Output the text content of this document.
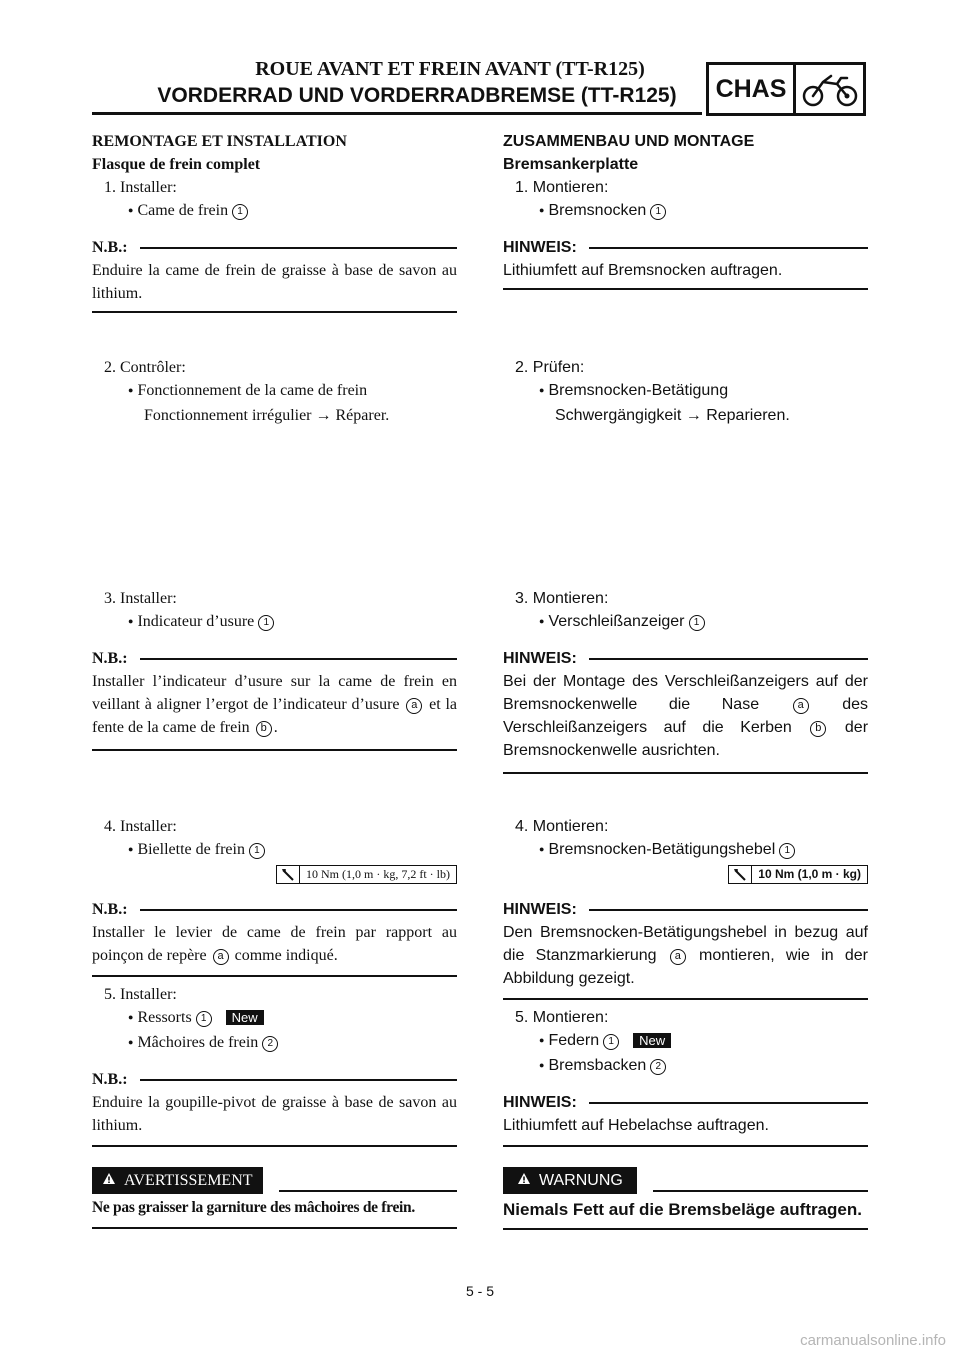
ROUE AVANT ET FREIN AVANT (TT-R125)
VORDERRAD UND VORDERRADBREMSE (TT-R125)	CHAS
REMONTAGE ET INSTALLATION
Flasque de frein complet
1. Installer:
● Came de frein 1
N.B.:
Enduire la came de frein de graisse à base de savon au lithium.
2. Contrôler:
● Fonctionnement de la came de frein
Fonctionnement irrégulier → Réparer.
3. Installer:
● Indicateur d’usure 1
N.B.:
Installer l’indicateur d’usure sur la came de frein en veillant à aligner l’ergot de l’indicateur d’usure a et la fente de la came de frein b .
4. Installer:
● Biellette de frein 1
10 Nm (1,0 m · kg, 7,2 ft · lb)
N.B.:
Installer le levier de came de frein par rapport au poinçon de repère a comme indiqué.
5. Installer:
● Ressorts 1 New
● Mâchoires de frein 2
N.B.:
Enduire la goupille-pivot de graisse à base de savon au lithium.
AVERTISSEMENT
Ne pas graisser la garniture des mâchoires de frein.
ZUSAMMENBAU UND MONTAGE
Bremsankerplatte
1. Montieren:
● Bremsnocken 1
HINWEIS:
Lithiumfett auf Bremsnocken auftragen.
2. Prüfen:
● Bremsnocken-Betätigung
Schwergängigkeit → Reparieren.
3. Montieren:
● Verschleißanzeiger 1
HINWEIS:
Bei der Montage des Verschleißanzeigers auf der Bremsnockenwelle die Nase	a des Verschleißanzeigers auf die Kerben b der Bremsnockenwelle ausrichten.
4. Montieren:
● Bremsnocken-Betätigungshebel 1
10 Nm (1,0 m · kg)
HINWEIS:
Den Bremsnocken-Betätigungshebel in bezug auf die Stanzmarkierung a montieren, wie in der Abbildung gezeigt.
5. Montieren:
● Federn 1 New
● Bremsbacken 2
HINWEIS:
Lithiumfett auf Hebelachse auftragen.
WARNUNG
Niemals Fett auf die Bremsbeläge auftragen.
5 - 5
carmanualsonline.info
